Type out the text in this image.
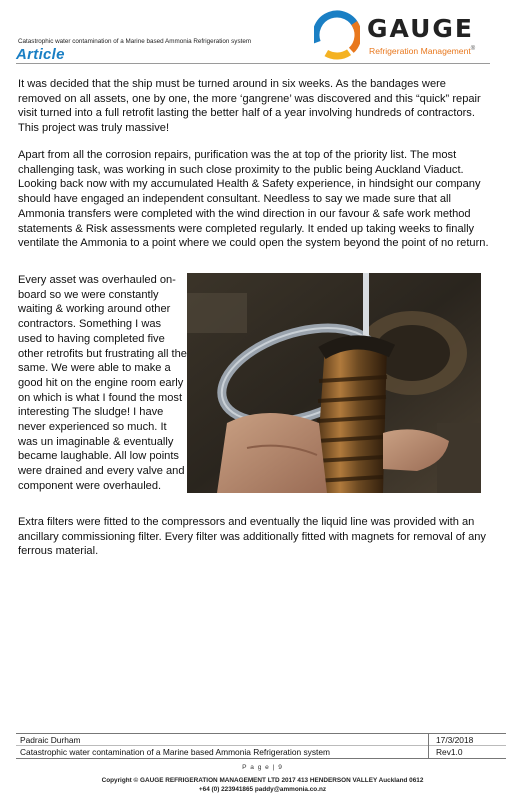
Catastrophic water contamination of a Marine based Ammonia Refrigeration system
Article
GAUGE
Refrigeration Management®

It was decided that the ship must be turned around in six weeks. As the bandages were removed on all assets, one by one, the more ‘gangrene’ was discovered and this “quick” repair visit turned into a full retrofit lasting the better half of a year involving hundreds of contractors. This project was truly massive!

Apart from all the corrosion repairs, purification was the at top of the priority list. The most challenging task, was working in such close proximity to the public being Auckland Viaduct. Looking back now with my accumulated Health & Safety experience, in hindsight our company should have engaged an independent consultant. Needless to say we made sure that all Ammonia transfers were completed with the wind direction in our favour & safe work method statements & Risk assessments were completed regularly. It ended up taking weeks to finally ventilate the Ammonia to a point where we could open the system beyond the point of no return.

Every asset was overhauled on-board so we were constantly waiting & working around other contractors. Something I was used to having completed five other retrofits but frustrating all the same. We were able to make a good hit on the engine room early on which is what I found the most interesting The sludge! I have never experienced so much. It was un imaginable & eventually became laughable. All low points were drained and every valve and component were overhauled.

Extra filters were fitted to the compressors and eventually the liquid line was provided with an ancillary commissioning filter. Every filter was additionally fitted with magnets for removal of any ferrous material.

Padraic Durham
Catastrophic water contamination of a Marine based Ammonia Refrigeration system
17/3/2018
Rev1.0
P a g e | 9
Copyright © GAUGE REFRIGERATION MANAGEMENT LTD 2017 413 HENDERSON VALLEY Auckland 0612
+64 (0) 223941865 paddy@ammonia.co.nz
